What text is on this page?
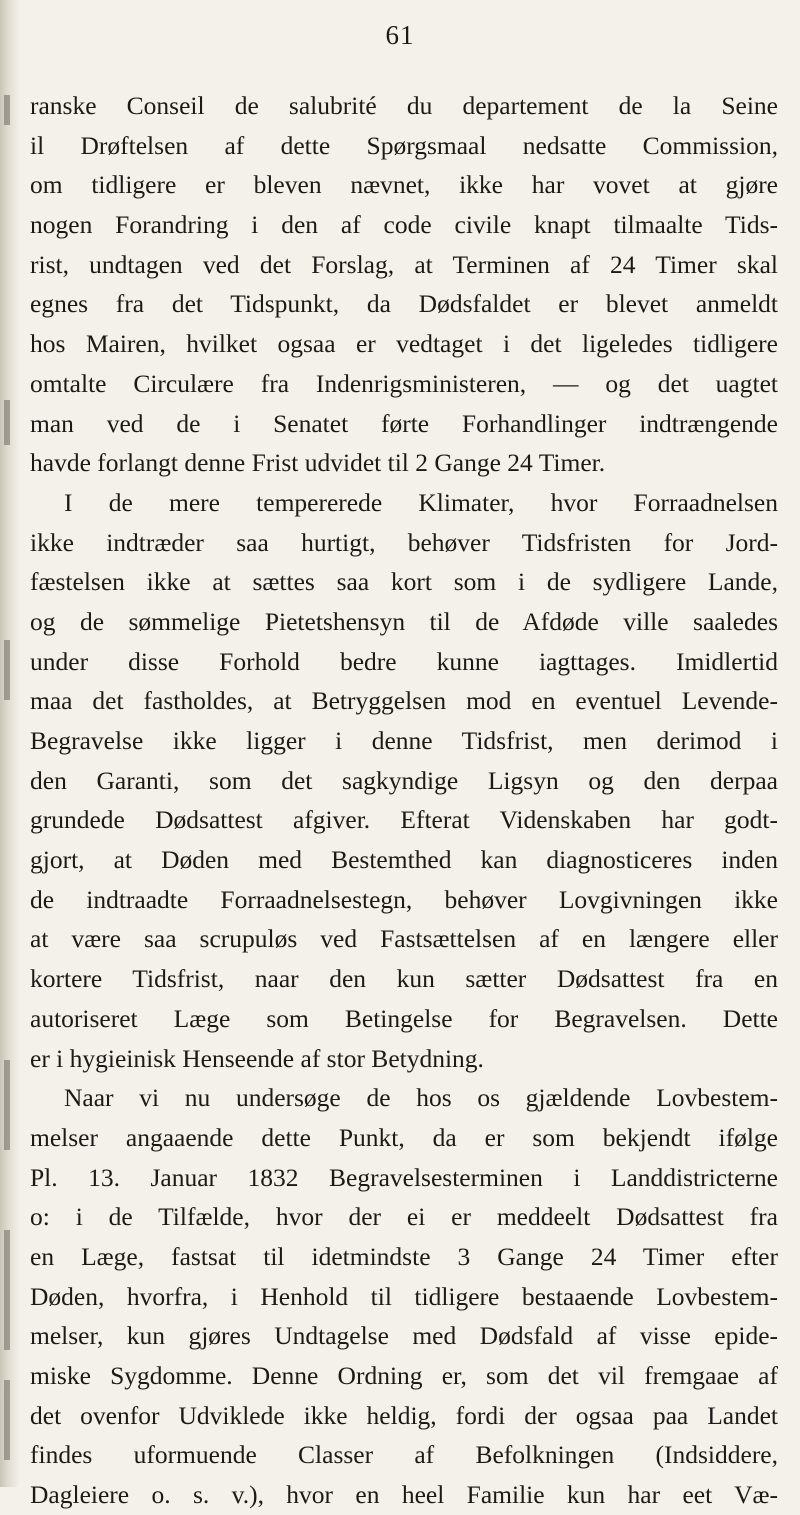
61
ranske Conseil de salubrité du departement de la Seine
il Drøftelsen af dette Spørgsmaal nedsatte Commission,
om tidligere er bleven nævnet, ikke har vovet at gjøre
nogen Forandring i den af code civile knapt tilmaalte Tids-
rist, undtagen ved det Forslag, at Terminen af 24 Timer skal
egnes fra det Tidspunkt, da Dødsfaldet er blevet anmeldt
hos Mairen, hvilket ogsaa er vedtaget i det ligeledes tidligere
omtalte Circulære fra Indenrigsministeren, — og det uagtet
man ved de i Senatet førte Forhandlinger indtrængende
havde forlangt denne Frist udvidet til 2 Gange 24 Timer.
I de mere tempererede Klimater, hvor Forraadnelsen
ikke indtræder saa hurtigt, behøver Tidsfristen for Jord-
fæstelsen ikke at sættes saa kort som i de sydligere Lande,
og de sømmelige Pietetshensyn til de Afdøde ville saaledes
under disse Forhold bedre kunne iagttages. Imidlertid
maa det fastholdes, at Betryggelsen mod en eventuel Levende-
Begravelse ikke ligger i denne Tidsfrist, men derimod i
den Garanti, som det sagkyndige Ligsyn og den derpaa
grundede Dødsattest afgiver. Efterat Videnskaben har godt-
gjort, at Døden med Bestemthed kan diagnosticeres inden
de indtraadte Forraadnelsestegn, behøver Lovgivningen ikke
at være saa scrupuløs ved Fastsættelsen af en længere eller
kortere Tidsfrist, naar den kun sætter Dødsattest fra en
autoriseret Læge som Betingelse for Begravelsen. Dette
er i hygieinisk Henseende af stor Betydning.
Naar vi nu undersøge de hos os gjældende Lovbestem-
melser angaaende dette Punkt, da er som bekjendt ifølge
Pl. 13. Januar 1832 Begravelsesterminen i Landdistricterne
o: i de Tilfælde, hvor der ei er meddeelt Dødsattest fra
en Læge, fastsat til idetmindste 3 Gange 24 Timer efter
Døden, hvorfra, i Henhold til tidligere bestaaende Lovbestem-
melser, kun gjøres Undtagelse med Dødsfald af visse epide-
miske Sygdomme. Denne Ordning er, som det vil fremgaae af
det ovenfor Udviklede ikke heldig, fordi der ogsaa paa Landet
findes uformuende Classer af Befolkningen (Indsiddere,
Dagleiere o. s. v.), hvor en heel Familie kun har eet Væ-
